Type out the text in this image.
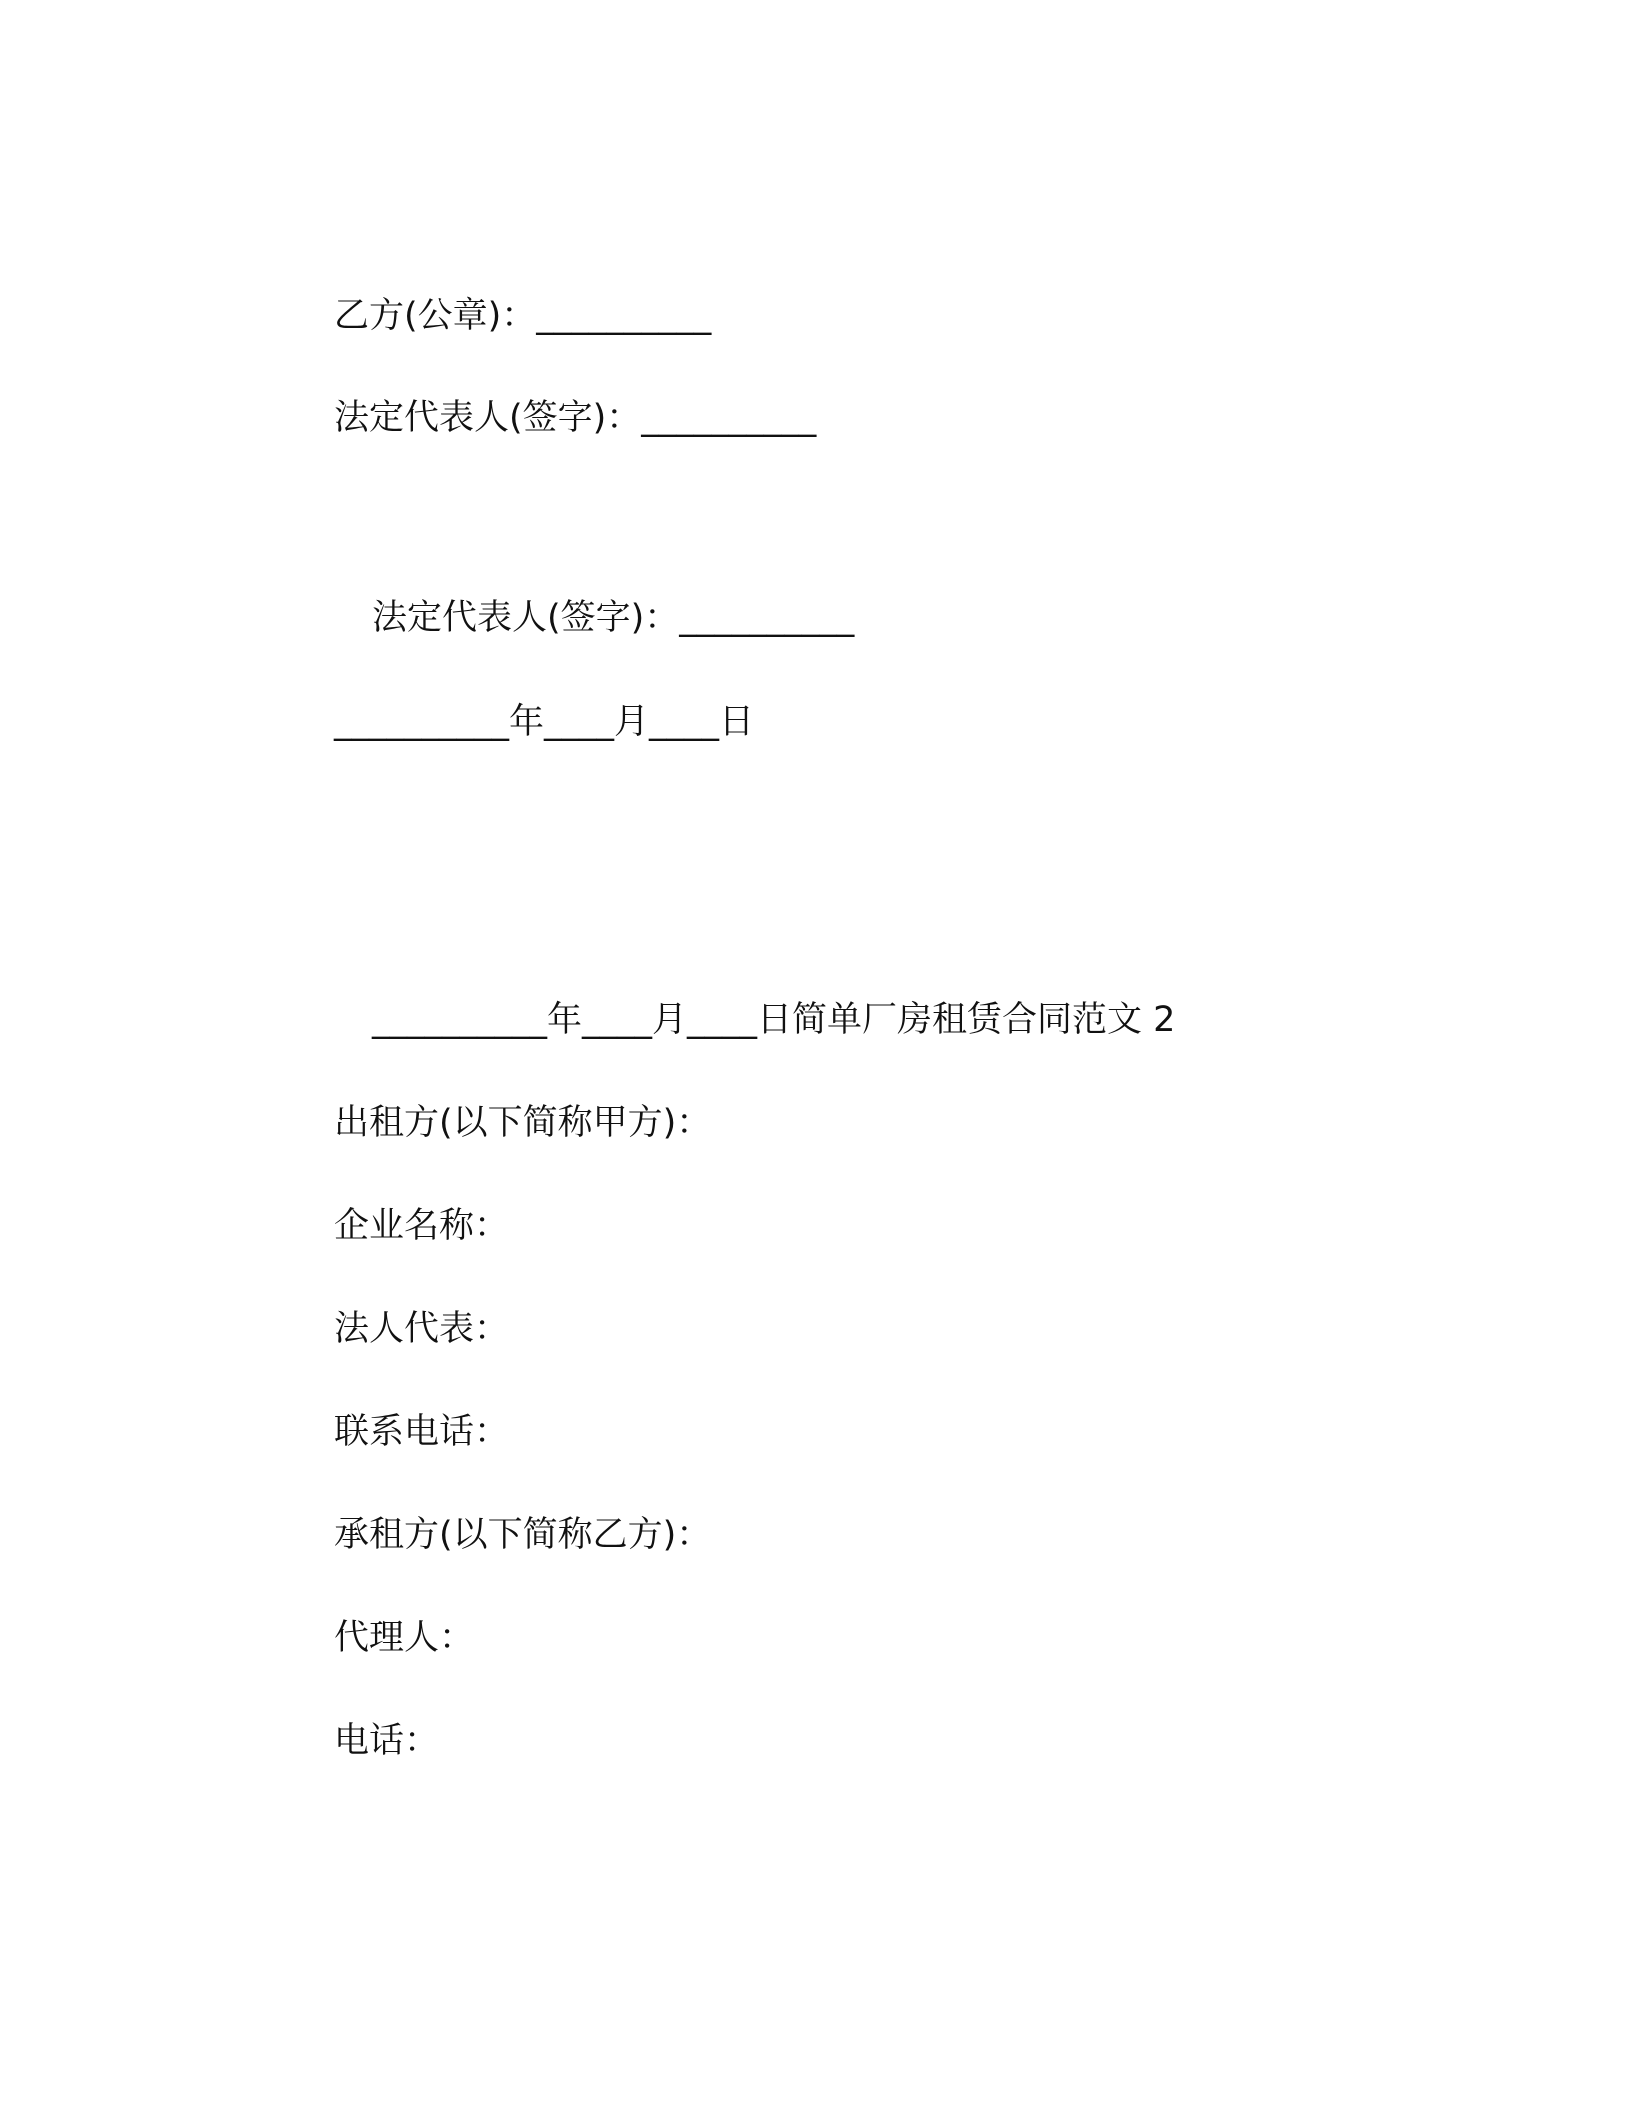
乙方(公章)：__________
法定代表人(签字)：__________
法定代表人(签字)：__________
__________年____月____日
__________年____月____日简单厂房租赁合同范文 2
出租方(以下简称甲方)：
企业名称：
法人代表：
联系电话：
承租方(以下简称乙方)：
代理人：
电话：
